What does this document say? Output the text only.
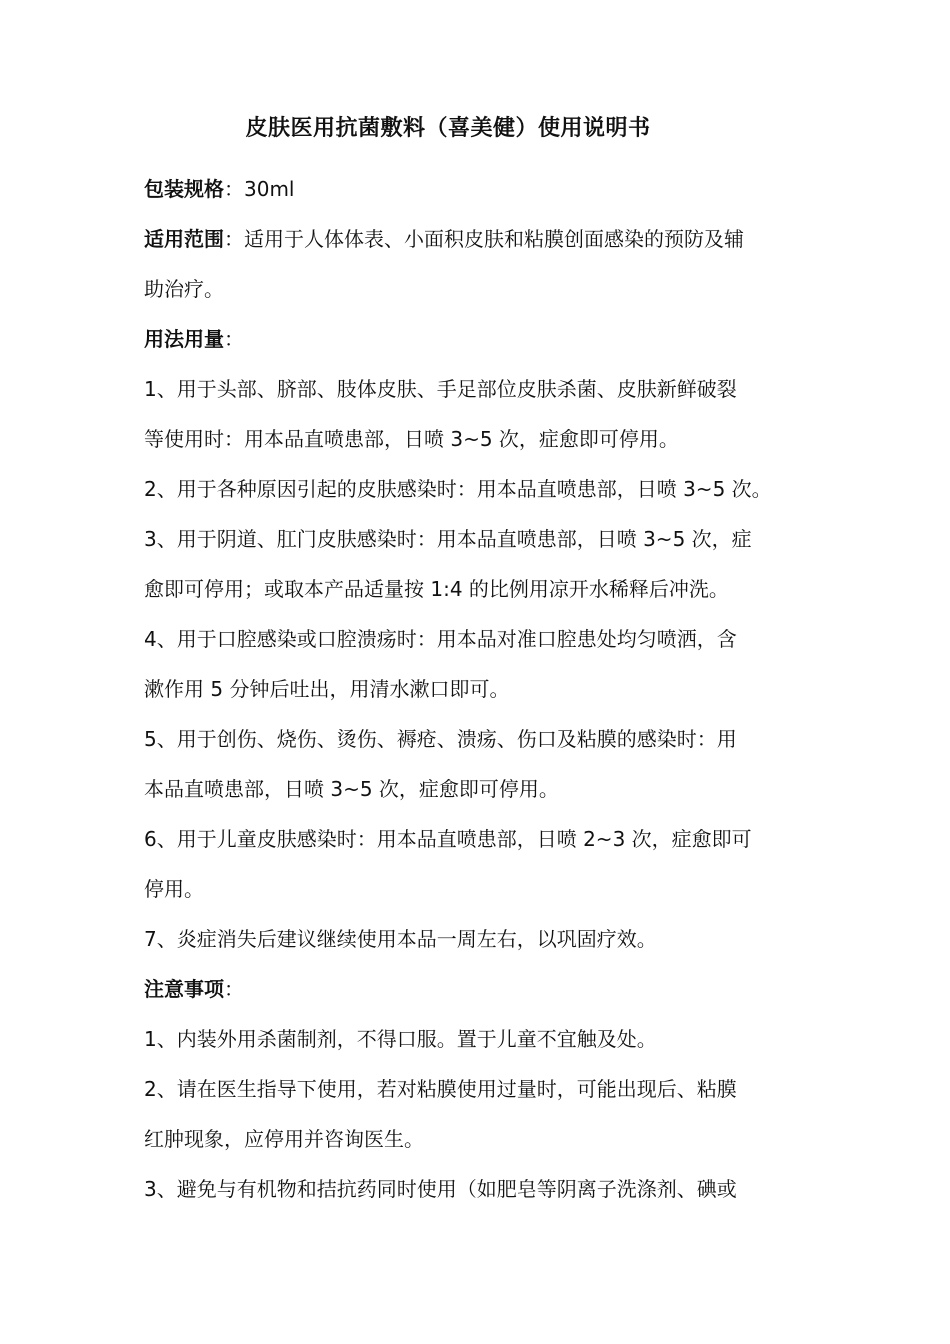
皮肤医用抗菌敷料（喜美健）使用说明书

包装规格：30ml

适用范围：适用于人体体表、小面积皮肤和粘膜创面感染的预防及辅

助治疗。

用法用量：

1、用于头部、脐部、肢体皮肤、手足部位皮肤杀菌、皮肤新鲜破裂

等使用时：用本品直喷患部，日喷 3~5 次，症愈即可停用。

2、用于各种原因引起的皮肤感染时：用本品直喷患部，日喷 3~5 次。

3、用于阴道、肛门皮肤感染时：用本品直喷患部，日喷 3~5 次，症

愈即可停用；或取本产品适量按 1:4 的比例用凉开水稀释后冲洗。

4、用于口腔感染或口腔溃疡时：用本品对准口腔患处均匀喷洒，含

漱作用 5 分钟后吐出，用清水漱口即可。

5、用于创伤、烧伤、烫伤、褥疮、溃疡、伤口及粘膜的感染时：用

本品直喷患部，日喷 3~5 次，症愈即可停用。

6、用于儿童皮肤感染时：用本品直喷患部，日喷 2~3 次，症愈即可

停用。

7、炎症消失后建议继续使用本品一周左右，以巩固疗效。

注意事项：

1、内装外用杀菌制剂，不得口服。置于儿童不宜触及处。

2、请在医生指导下使用，若对粘膜使用过量时，可能出现后、粘膜

红肿现象，应停用并咨询医生。

3、避免与有机物和拮抗药同时使用（如肥皂等阴离子洗涤剂、碘或
